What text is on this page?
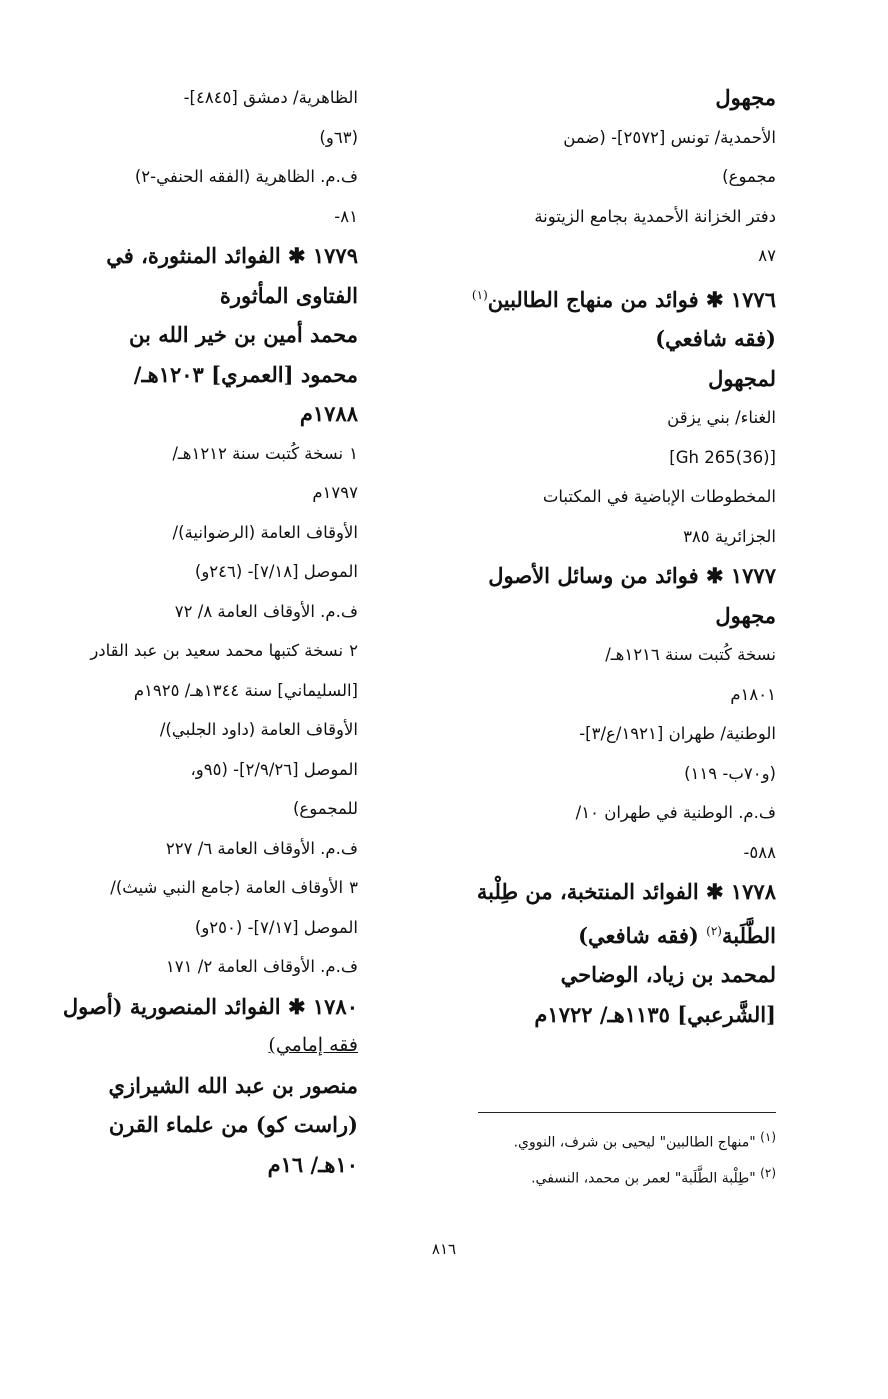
مجهول
الأحمدية/ تونس [٢٥٧٢]- (ضمن
مجموع)
دفتر الخزانة الأحمدية بجامع الزيتونة
٨٧
١٧٧٦ ✱ فوائد من منهاج الطالبين$^{(١)}$
(فقه شافعي)
لمجهول
الغناء/ بني يزقن
[(36)Gh 265]
المخطوطات الإباضية في المكتبات
الجزائرية ٣٨٥
١٧٧٧ ✱ فوائد من وسائل الأصول
مجهول
نسخة كُتبت سنة ١٢١٦هـ/
١٨٠١م
الوطنية/ طهران [١٩٢١/ع/٣]-
(و٧٠ب- ١١٩)
ف.م. الوطنية في طهران ١٠/
٥٨٨-
١٧٧٨ ✱ الفوائد المنتخبة، من طِلْبة
الطَّلَبة$^{(٢)}$ (فقه شافعي)
لمحمد بن زياد، الوضاحي
[الشَّرعبي] ١١٣٥هـ/ ١٧٢٢م
الظاهرية/ دمشق [٤٨٤٥]-
(٦٣و)
ف.م. الظاهرية (الفقه الحنفي-٢)
٨١-
١٧٧٩ ✱ الفوائد المنثورة، في
الفتاوى المأثورة
محمد أمين بن خير الله بن
محمود [العمري] ١٢٠٣هـ/
١٧٨٨م
١نسخة كُتبت سنة ١٢١٢هـ/
١٧٩٧م
الأوقاف العامة (الرضوانية)/
الموصل [٧/١٨]- (٢٤٦و)
ف.م. الأوقاف العامة ٨/ ٧٢
٢نسخة كتبها محمد سعيد بن عبد القادر
[السليماني] سنة ١٣٤٤هـ/ ١٩٢٥م
الأوقاف العامة (داود الجلبي)/
الموصل [٢/٩/٢٦]- (٩٥و،
للمجموع)
ف.م. الأوقاف العامة ٦/ ٢٢٧
٣الأوقاف العامة (جامع النبي شيث)/
الموصل [٧/١٧]- (٢٥٠و)
ف.م. الأوقاف العامة ٢/ ١٧١
١٧٨٠ ✱ الفوائد المنصورية (أصول
فقه إمامي)
منصور بن عبد الله الشيرازي
(راست كو) من علماء القرن
١٠هـ/ ١٦م
(١) "منهاج الطالبين" ليحيى بن شرف، النووي.
(٢) "طِلْبة الطَّلَبة" لعمر بن محمد، النسفي.
٨١٦
